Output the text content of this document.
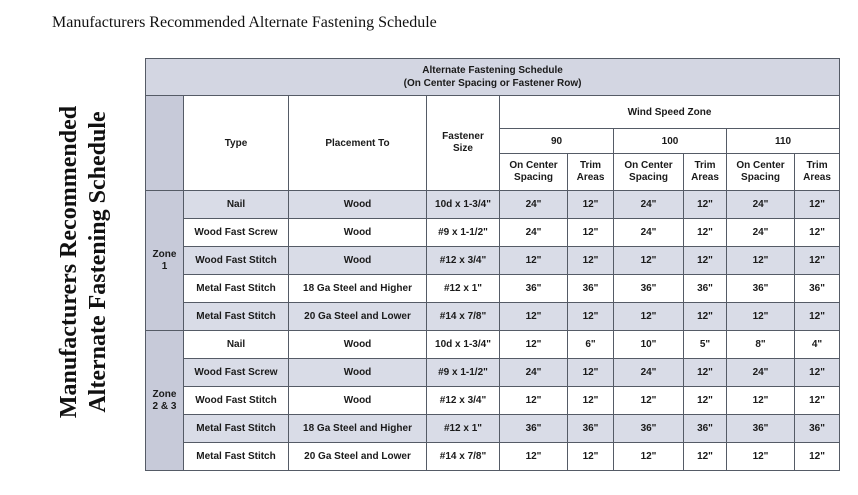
Manufacturers Recommended Alternate Fastening Schedule
Manufacturers Recommended Alternate Fastening Schedule
Alternate Fastening Schedule
(On Center Spacing or Fastener Row)									

	Type	Placement To	Fastener Size	Wind Speed Zone					
				90		100		110	

				On Center Spacing	Trim Areas	On Center Spacing	Trim Areas	On Center Spacing	Trim Areas

Zone 1	Nail	Wood	10d x 1-3/4"	24"	12"	24"	12"	24"	12"
	Wood Fast Screw	Wood	#9 x 1-1/2"	24"	12"	24"	12"	24"	12"
	Wood Fast Stitch	Wood	#12 x 3/4"	12"	12"	12"	12"	12"	12"
	Metal Fast Stitch	18 Ga Steel and Higher	#12 x 1"	36"	36"	36"	36"	36"	36"
	Metal Fast Stitch	20 Ga Steel and Lower	#14 x 7/8"	12"	12"	12"	12"	12"	12"

Zone 2 & 3	Nail	Wood	10d x 1-3/4"	12"	6"	10"	5"	8"	4"
	Wood Fast Screw	Wood	#9 x 1-1/2"	24"	12"	24"	12"	24"	12"
	Wood Fast Stitch	Wood	#12 x 3/4"	12"	12"	12"	12"	12"	12"
	Metal Fast Stitch	18 Ga Steel and Higher	#12 x 1"	36"	36"	36"	36"	36"	36"
	Metal Fast Stitch	20 Ga Steel and Lower	#14 x 7/8"	12"	12"	12"	12"	12"	12"
